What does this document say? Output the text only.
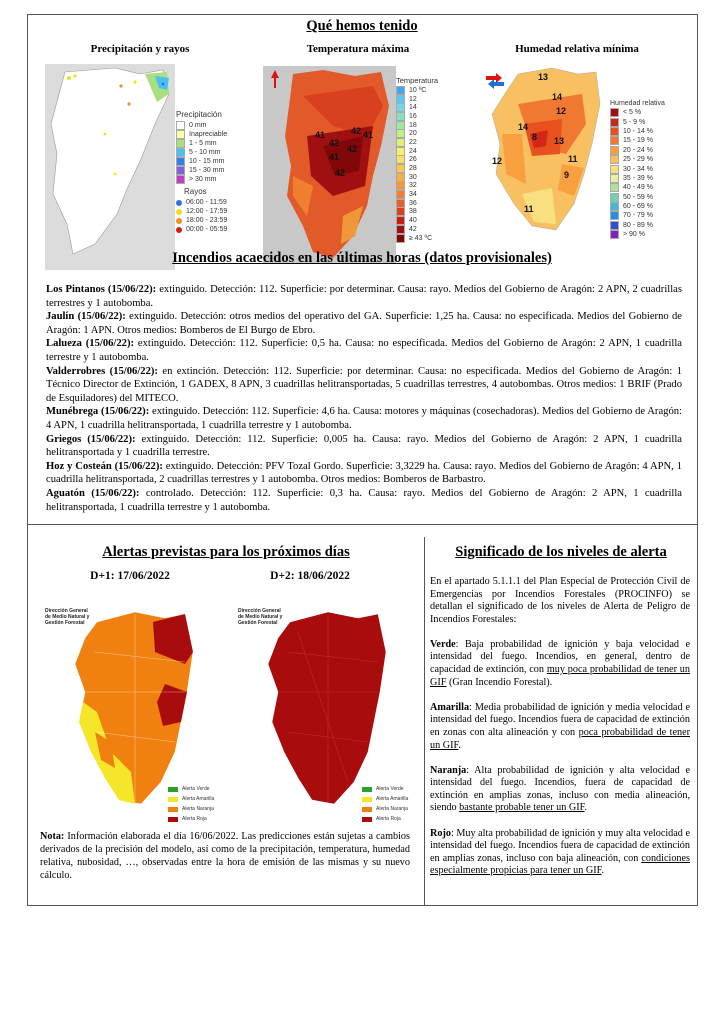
Qué hemos tenido
Precipitación y rayos
Precipitación
0 mm
Inapreciable
1 - 5 mm
5 - 10 mm
10 - 15 mm
15 - 30 mm
> 30 mm
Rayos
06:00 - 11:59
12:00 - 17:59
18:00 - 23:59
00:00 - 05:59
Temperatura máxima
41	42 41
42
42
41
42
Temperatura
10 ºC
12
14
16
18
20
22
24
26
28
30
32
34
36
38
40
42
≥ 43 ºC
Humedad relativa mínima
13
14
12
14
8 13
11
9
12
11
Humedad relativa
< 5 %
5 - 9 %
10 - 14 %
15 - 19 %
20 - 24 %
25 - 29 %
30 - 34 %
35 - 39 %
40 - 49 %
50 - 59 %
60 - 69 %
70 - 79 %
80 - 89 %
> 90 %
Incendios acaecidos en las últimas horas (datos provisionales)

Los Pintanos (15/06/22): extinguido. Detección: 112. Superficie: por determinar. Causa: rayo. Medios del Gobierno de Aragón: 2 APN, 2 cuadrillas terrestres y 1 autobomba.

Jaulín (15/06/22): extinguido. Detección: otros medios del operativo del GA. Superficie: 1,25 ha. Causa: no especificada. Medios del Gobierno de Aragón: 1 APN. Otros medios: Bomberos de El Burgo de Ebro.

Lalueza (15/06/22): extinguido. Detección: 112. Superficie: 0,5 ha. Causa: no especificada. Medios del Gobierno de Aragón: 2 APN, 1 cuadrilla terrestre y 1 autobomba.

Valderrobres (15/06/22): en extinción. Detección: 112. Superficie: por determinar. Causa: no especificada. Medios del Gobierno de Aragón: 1 Técnico Director de Extinción, 1 GADEX, 8 APN, 3 cuadrillas helitransportadas, 5 cuadrillas terrestres, 4 autobombas. Otros medios: 1 BRIF (Prado de Esquiladores) del MITECO.

Munébrega (15/06/22): extinguido. Detección: 112. Superficie: 4,6 ha. Causa: motores y máquinas (cosechadoras). Medios del Gobierno de Aragón: 4 APN, 1 cuadrilla helitransportada, 1 cuadrilla terrestre y 1 autobomba.

Griegos (15/06/22): extinguido. Detección: 112. Superficie: 0,005 ha. Causa: rayo. Medios del Gobierno de Aragón: 2 APN, 1 cuadrilla helitransportada y 1 cuadrilla terrestre.

Hoz y Costeán (15/06/22): extinguido. Detección: PFV Tozal Gordo. Superficie: 3,3229 ha. Causa: rayo. Medios del Gobierno de Aragón: 4 APN, 1 cuadrilla helitransportada, 2 cuadrillas terrestres y 1 autobomba. Otros medios: Bomberos de Barbastro.

Aguatón (15/06/22): controlado. Detección: 112. Superficie: 0,3 ha. Causa: rayo. Medios del Gobierno de Aragón: 2 APN, 1 cuadrilla helitransportada, 1 cuadrilla terrestre y 1 autobomba.

Alertas previstas para los próximos días
D+1: 17/06/2022	D+2: 18/06/2022
Dirección General de Medio Natural y Gestión Forestal
Alerta Verde
Alerta Amarilla
Alerta Naranja
Alerta Roja
Dirección General de Medio Natural y Gestión Forestal
Alerta Verde
Alerta Amarilla
Alerta Naranja
Alerta Roja
Nota: Información elaborada el día 16/06/2022. Las predicciones están sujetas a cambios derivados de la precisión del modelo, así como de la precipitación, temperatura, humedad relativa, nubosidad, …, observadas entre la hora de emisión de las mismas y su nuevo cálculo.
Significado de los niveles de alerta

En el apartado 5.1.1.1 del Plan Especial de Protección Civil de Emergencias por Incendios Forestales (PROCINFO) se detallan el significado de los niveles de Alerta de Peligro de Incendios Forestales:

Verde: Baja probabilidad de ignición y baja velocidad e intensidad del fuego. Incendios, en general, dentro de capacidad de extinción, con muy poca probabilidad de tener un GIF (Gran Incendio Forestal).

Amarilla: Media probabilidad de ignición y media velocidad e intensidad del fuego. Incendios fuera de capacidad de extinción en zonas con alta alineación y con poca probabilidad de tener un GIF.

Naranja: Alta probabilidad de ignición y alta velocidad e intensidad del fuego. Incendios, fuera de capacidad de extinción en amplias zonas, incluso con media alineación, siendo bastante probable tener un GIF.

Rojo: Muy alta probabilidad de ignición y muy alta velocidad e intensidad del fuego. Incendios fuera de capacidad de extinción en amplias zonas, incluso con baja alineación, con condiciones especialmente propicias para tener un GIF.
